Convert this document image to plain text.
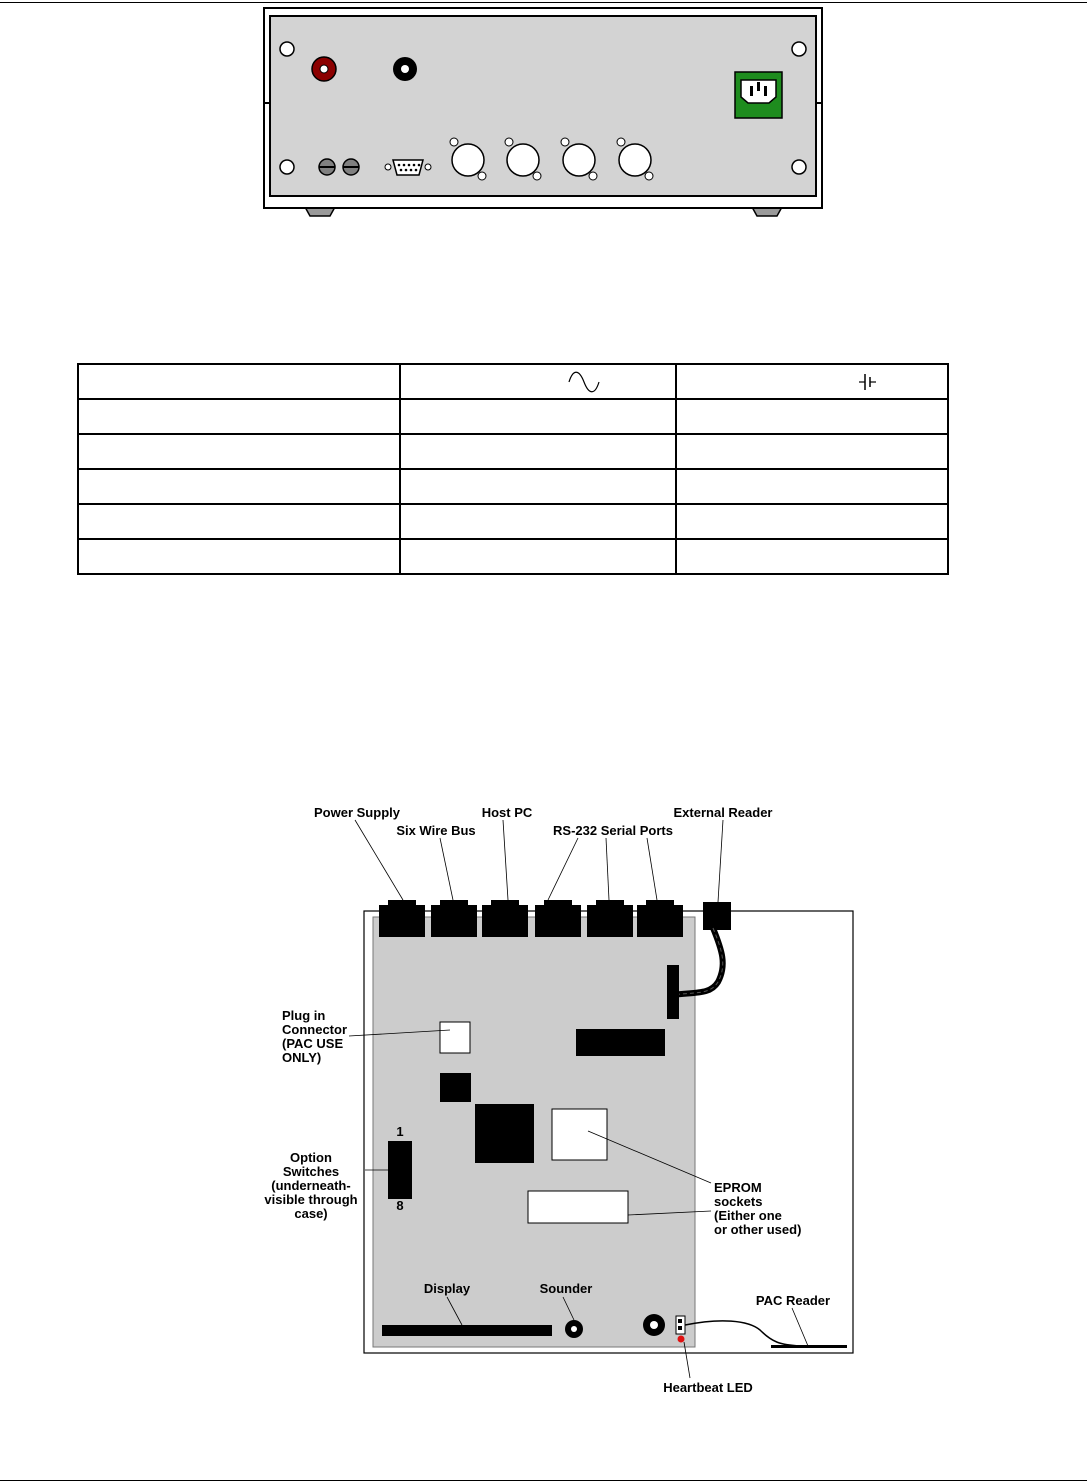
Power Supply
Six Wire Bus
Host PC
RS-232 Serial Ports
External Reader
Plug in
Connector
(PAC USE
ONLY)
1
8
Option
Switches
(underneath-
visible through
case)
EPROM
sockets
(Either one
or other used)
Display	Sounder
PAC Reader
Heartbeat LED
